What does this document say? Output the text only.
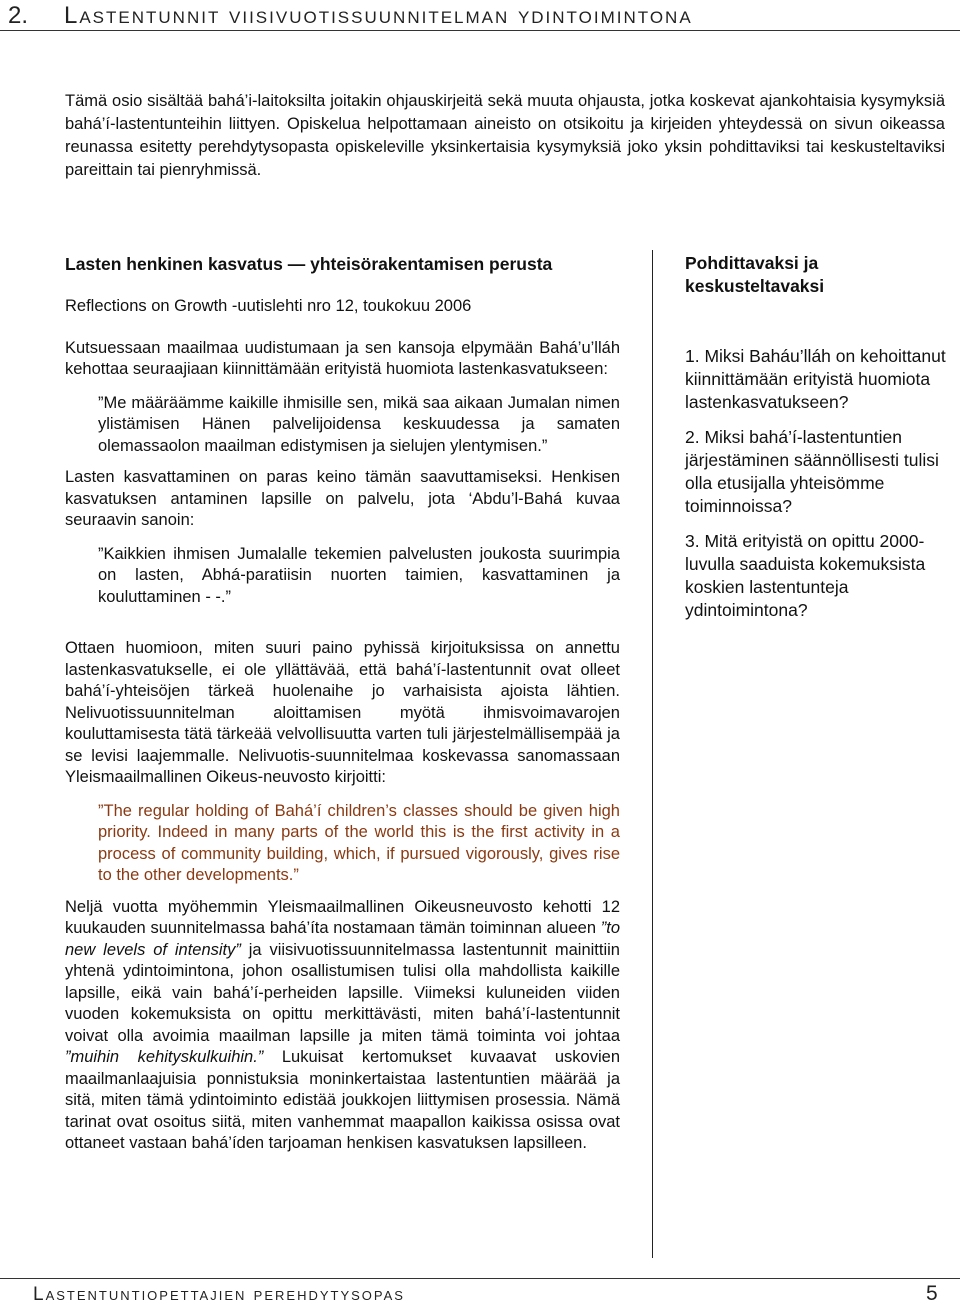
2. Lastentunnit viisivuotissuunnitelman ydintoimintona

Tämä osio sisältää bahá’i-laitoksilta joitakin ohjauskirjeitä sekä muuta ohjausta, jotka koskevat ajankohtaisia kysymyksiä bahá’í-lastentunteihin liittyen. Opiskelua helpottamaan aineisto on otsikoitu ja kirjeiden yhteydessä on sivun oikeassa reunassa esitetty perehdytysopasta opiskeleville yksinkertaisia kysymyksiä joko yksin pohdittaviksi tai keskusteltaviksi pareittain tai pienryhmissä.

Lasten henkinen kasvatus — yhteisörakentamisen perusta

Reflections on Growth -uutislehti nro 12, toukokuu 2006

Kutsuessaan maailmaa uudistumaan ja sen kansoja elpymään Bahá’u’lláh kehottaa seuraajiaan kiinnittämään erityistä huomiota lastenkasvatukseen:

”Me määräämme kaikille ihmisille sen, mikä saa aikaan Jumalan nimen ylistämisen Hänen palvelijoidensa keskuudessa ja samaten olemassaolon maailman edistymisen ja sielujen ylentymisen.”

Lasten kasvattaminen on paras keino tämän saavuttamiseksi. Henkisen kasvatuksen antaminen lapsille on palvelu, jota ‘Abdu’l-Bahá kuvaa seuraavin sanoin:

”Kaikkien ihmisen Jumalalle tekemien palvelusten joukosta suurimpia on lasten, Abhá-paratiisin nuorten taimien, kasvattaminen ja kouluttaminen - -.”

Ottaen huomioon, miten suuri paino pyhissä kirjoituksissa on annettu lastenkasvatukselle, ei ole yllättävää, että bahá’í-lastentunnit ovat olleet bahá’í-yhteisöjen tärkeä huolenaihe jo varhaisista ajoista lähtien. Nelivuotissuunnitelman aloittamisen myötä ihmisvoimavarojen kouluttamisesta tätä tärkeää velvollisuutta varten tuli järjestelmällisempää ja se levisi laajemmalle. Nelivuotis-suunnitelmaa koskevassa sanomassaan Yleismaailmallinen Oikeus-neuvosto kirjoitti:

”The regular holding of Bahá’í children’s classes should be given high priority. Indeed in many parts of the world this is the first activity in a process of community building, which, if pursued vigorously, gives rise to the other developments.”

Neljä vuotta myöhemmin Yleismaailmallinen Oikeusneuvosto kehotti 12 kuukauden suunnitelmassa bahá’íta nostamaan tämän toiminnan alueen ”to new levels of intensity” ja viisivuotissuunnitelmassa lastentunnit mainittiin yhtenä ydintoimintona, johon osallistumisen tulisi olla mahdollista kaikille lapsille, eikä vain bahá’í-perheiden lapsille. Viimeksi kuluneiden viiden vuoden kokemuksista on opittu merkittävästi, miten bahá’í-lastentunnit voivat olla avoimia maailman lapsille ja miten tämä toiminta voi johtaa ”muihin kehityskulkuihin.” Lukuisat kertomukset kuvaavat uskovien maailmanlaajuisia ponnistuksia moninkertaistaa lastentuntien määrää ja sitä, miten tämä ydintoiminto edistää joukkojen liittymisen prosessia. Nämä tarinat ovat osoitus siitä, miten vanhemmat maapallon kaikissa osissa ovat ottaneet vastaan bahá’íden tarjoaman henkisen kasvatuksen lapsilleen.

Pohdittavaksi ja keskusteltavaksi

1. Miksi Baháu’lláh on kehoittanut kiinnittämään erityistä huomiota lastenkasvatukseen?

2. Miksi bahá’í-lastentuntien järjestäminen säännöllisesti tulisi olla etusijalla yhteisömme toiminnoissa?

3. Mitä erityistä on opittu 2000-luvulla saaduista kokemuksista koskien lastentunteja ydintoimintona?

Lastentuntiopettajien perehdytysopas	5
